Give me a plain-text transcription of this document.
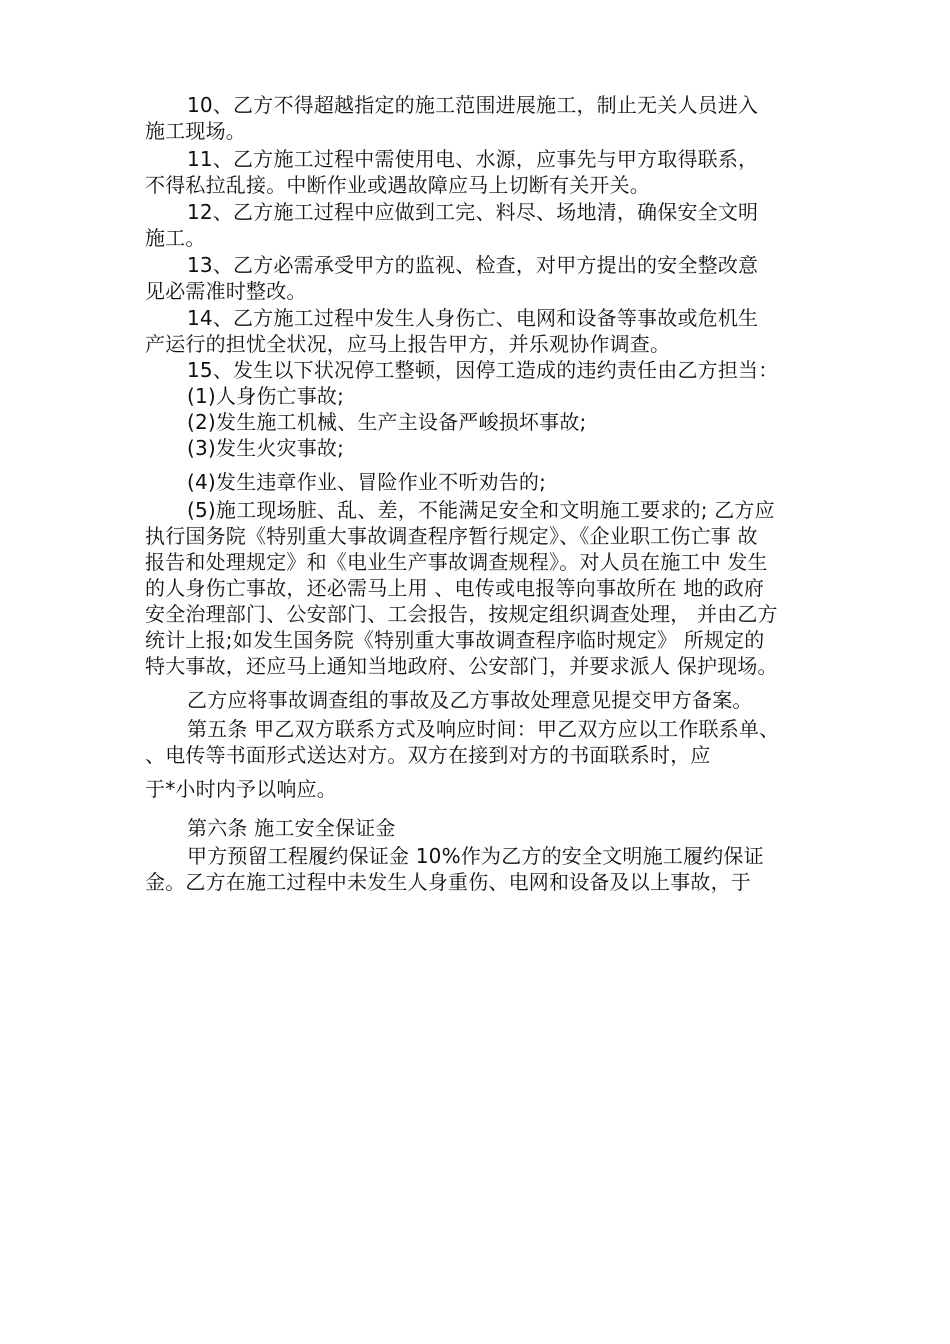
10、乙方不得超越指定的施工范围进展施工，制止无关人员进入
施工现场。
11、乙方施工过程中需使用电、水源，应事先与甲方取得联系，
不得私拉乱接。中断作业或遇故障应马上切断有关开关。
12、乙方施工过程中应做到工完、料尽、场地清，确保安全文明
施工。
13、乙方必需承受甲方的监视、检查，对甲方提出的安全整改意
见必需准时整改。
14、乙方施工过程中发生人身伤亡、电网和设备等事故或危机生
产运行的担忧全状况，应马上报告甲方，并乐观协作调查。
15、发生以下状况停工整顿，因停工造成的违约责任由乙方担当：
(1)人身伤亡事故;
(2)发生施工机械、生产主设备严峻损坏事故;
(3)发生火灾事故;
(4)发生违章作业、冒险作业不听劝告的;
(5)施工现场脏、乱、差，不能满足安全和文明施工要求的; 乙方应
执行国务院《特别重大事故调查程序暂行规定》、《企业职工伤亡事 故
报告和处理规定》和《电业生产事故调查规程》。对人员在施工中 发生
的人身伤亡事故，还必需马上用 、电传或电报等向事故所在 地的政府
安全治理部门、公安部门、工会报告，按规定组织调查处理， 并由乙方
统计上报;如发生国务院《特别重大事故调查程序临时规定》 所规定的
特大事故，还应马上通知当地政府、公安部门，并要求派人 保护现场。
乙方应将事故调查组的事故及乙方事故处理意见提交甲方备案。
第五条 甲乙双方联系方式及响应时间：甲乙双方应以工作联系单、
、电传等书面形式送达对方。双方在接到对方的书面联系时，应
于*小时内予以响应。
第六条 施工安全保证金
甲方预留工程履约保证金 10%作为乙方的安全文明施工履约保证
金。乙方在施工过程中未发生人身重伤、电网和设备及以上事故，于
